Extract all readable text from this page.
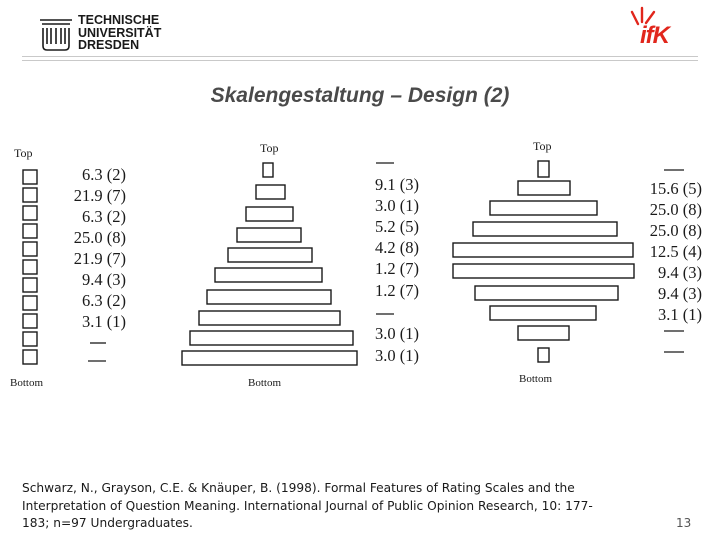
TECHNISCHE
UNIVERSITÄT
DRESDEN	ifK
Skalengestaltung – Design (2)
Top
Bottom
6.3 (2)
21.9 (7)
6.3 (2)
25.0 (8)
21.9 (7)
9.4 (3)
6.3 (2)
3.1 (1)
Top
Bottom
9.1 (3)
3.0 (1)
5.2 (5)
4.2 (8)
1.2 (7)
1.2 (7)
3.0 (1)
3.0 (1)
Top
Bottom
15.6 (5)
25.0 (8)
25.0 (8)
12.5 (4)
9.4 (3)
9.4 (3)
3.1 (1)
Schwarz, N., Grayson, C.E. & Knäuper, B. (1998). Formal Features of Rating Scales and the
Interpretation of Question Meaning. International Journal of Public Opinion Research, 10: 177-
183; n=97 Undergraduates.	13
